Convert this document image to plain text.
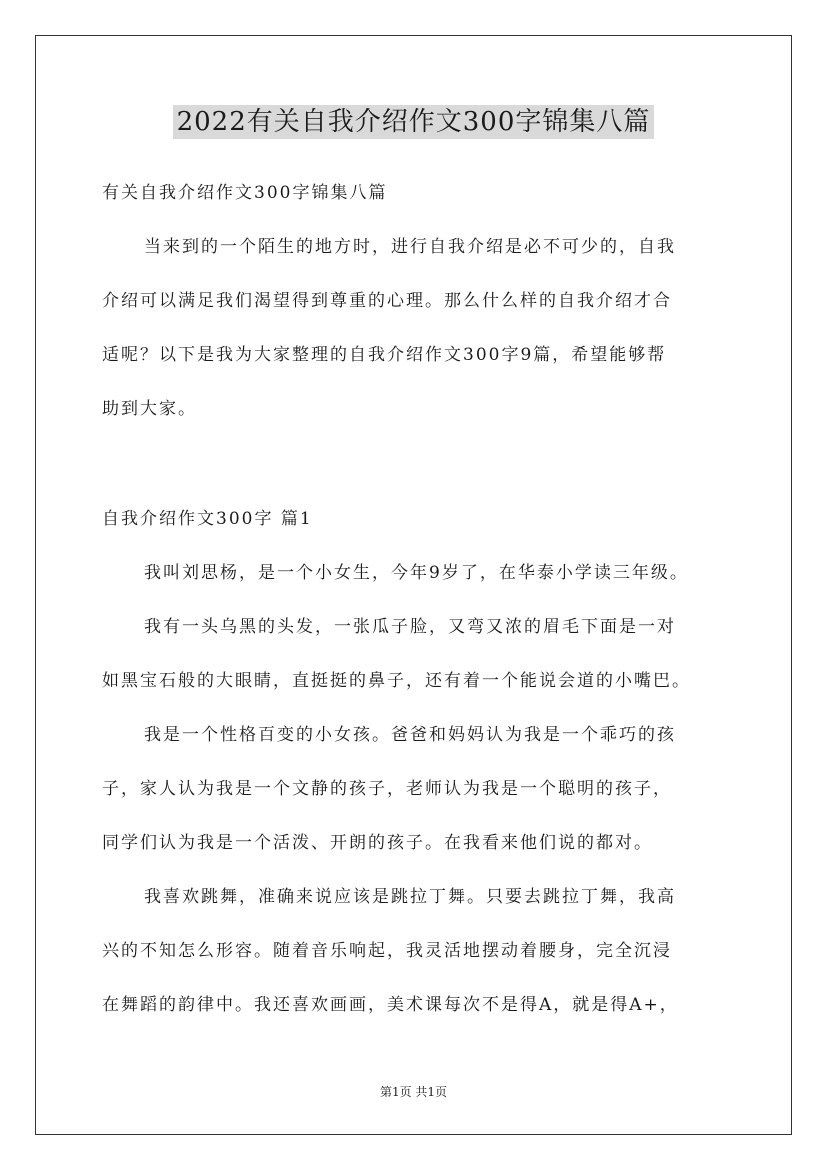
2022有关自我介绍作文300字锦集八篇
有关自我介绍作文300字锦集八篇
当来到的一个陌生的地方时，进行自我介绍是必不可少的，自我
介绍可以满足我们渴望得到尊重的心理。那么什么样的自我介绍才合
适呢？以下是我为大家整理的自我介绍作文300字9篇，希望能够帮
助到大家。
自我介绍作文300字 篇1
我叫刘思杨，是一个小女生，今年9岁了，在华泰小学读三年级。
我有一头乌黑的头发，一张瓜子脸，又弯又浓的眉毛下面是一对
如黑宝石般的大眼睛，直挺挺的鼻子，还有着一个能说会道的小嘴巴。
我是一个性格百变的小女孩。爸爸和妈妈认为我是一个乖巧的孩
子，家人认为我是一个文静的孩子，老师认为我是一个聪明的孩子，
同学们认为我是一个活泼、开朗的孩子。在我看来他们说的都对。
我喜欢跳舞，准确来说应该是跳拉丁舞。只要去跳拉丁舞，我高
兴的不知怎么形容。随着音乐响起，我灵活地摆动着腰身，完全沉浸
在舞蹈的韵律中。我还喜欢画画，美术课每次不是得A，就是得A+，
第1页 共1页
